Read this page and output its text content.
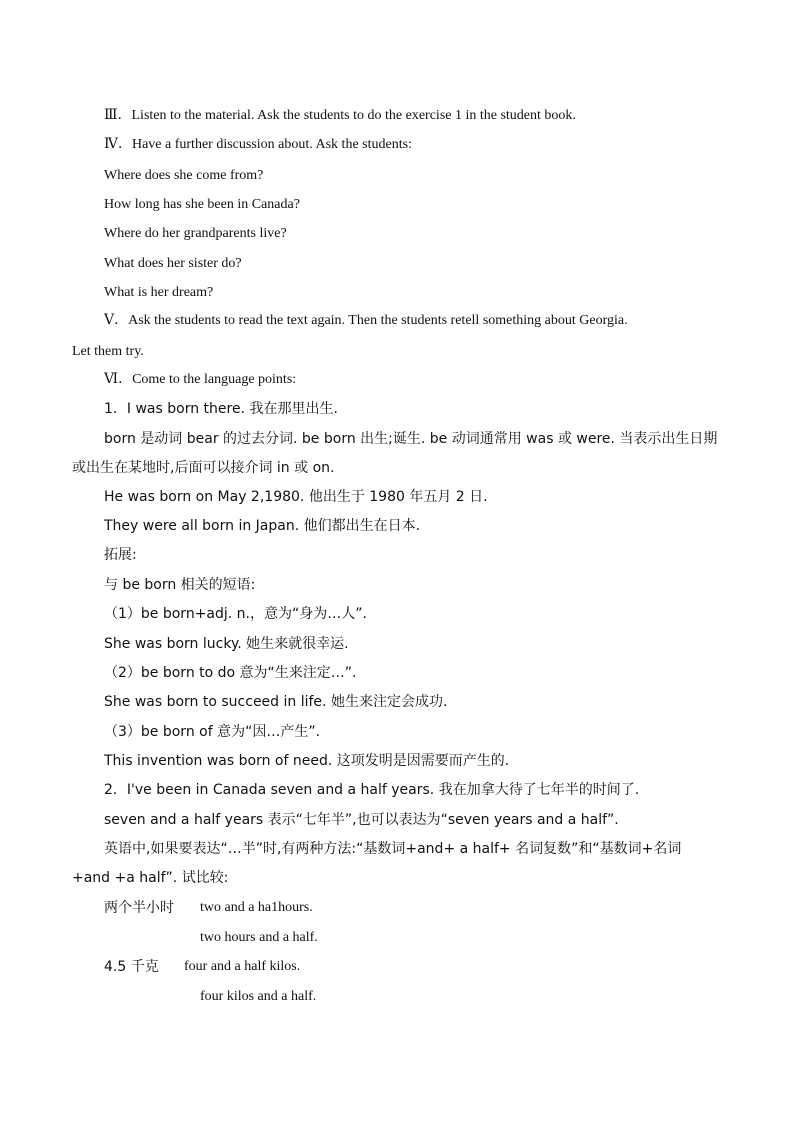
Ⅲ．Listen to the material. Ask the students to do the exercise 1 in the student book.
Ⅳ．Have a further discussion about. Ask the students:
Where does she come from?
How long has she been in Canada?
Where do her grandparents live?
What does her sister do?
What is her dream?
Ⅴ．Ask the students to read the text again. Then the students retell something about Georgia.
Let them try.
Ⅵ．Come to the language points:
1．I was born there. 我在那里出生.
born 是动词 bear 的过去分词. be born 出生;诞生. be 动词通常用 was 或 were. 当表示出生日期
或出生在某地时,后面可以接介词 in 或 on.
He was born on May 2,1980. 他出生于 1980 年五月 2 日.
They were all born in Japan. 他们都出生在日本.
拓展:
与 be born 相关的短语:
（1）be born+adj. n.，意为“身为…人”.
She was born lucky. 她生来就很幸运.
（2）be born to do 意为“生来注定…”.
She was born to succeed in life. 她生来注定会成功.
（3）be born of 意为“因…产生”.
This invention was born of need. 这项发明是因需要而产生的.
2．I've been in Canada seven and a half years. 我在加拿大待了七年半的时间了.
seven and a half years 表示“七年半”,也可以表达为“seven years and a half”.
英语中,如果要表达“…半”时,有两种方法:“基数词+and+ a half+ 名词复数”和“基数词+名词
+and +a half”. 试比较:
两个半小时 two and a ha1hours.
two hours and a half.
4.5 千克 four and a half kilos.
four kilos and a half.
